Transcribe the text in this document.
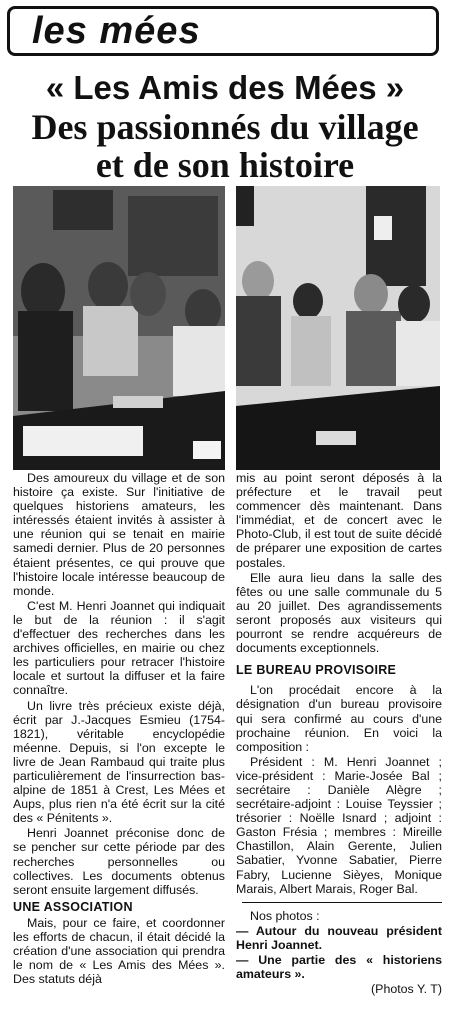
les mées
« Les Amis des Mées »
Des passionnés du village
et de son histoire

Des amoureux du village et de son histoire ça existe. Sur l'initiative de quelques historiens amateurs, les intéressés étaient invités à assister à une réunion qui se tenait en mairie samedi dernier. Plus de 20 personnes étaient présentes, ce qui prouve que l'histoire locale intéresse beaucoup de monde.

C'est M. Henri Joannet qui indiquait le but de la réunion : il s'agit d'effectuer des recherches dans les archives officielles, en mairie ou chez les particuliers pour retracer l'histoire locale et surtout la diffuser et la faire connaître.

Un livre très précieux existe déjà, écrit par J.-Jacques Esmieu (1754-1821), véritable encyclopédie méenne. Depuis, si l'on excepte le livre de Jean Rambaud qui traite plus particulièrement de l'insurrection bas-alpine de 1851 à Crest, Les Mées et Aups, plus rien n'a été écrit sur la cité des « Pénitents ».

Henri Joannet préconise donc de se pencher sur cette période par des recherches personnelles ou collectives. Les documents obtenus seront ensuite largement diffusés.

UNE ASSOCIATION

Mais, pour ce faire, et coordonner les efforts de chacun, il était décidé la création d'une association qui prendra le nom de « Les Amis des Mées ». Des statuts déjà

mis au point seront déposés à la préfecture et le travail peut commencer dès maintenant. Dans l'immédiat, et de concert avec le Photo-Club, il est tout de suite décidé de préparer une exposition de cartes postales.

Elle aura lieu dans la salle des fêtes ou une salle communale du 5 au 20 juillet. Des agrandissements seront proposés aux visiteurs qui pourront se rendre acquéreurs de documents exceptionnels.

LE BUREAU PROVISOIRE

L'on procédait encore à la désignation d'un bureau provisoire qui sera confirmé au cours d'une prochaine réunion. En voici la composition :

Président : M. Henri Joannet ; vice-président : Marie-Josée Bal ; secrétaire : Danièle Alègre ; secrétaire-adjoint : Louise Teyssier ; trésorier : Noëlle Isnard ; adjoint : Gaston Frésia ; membres : Mireille Chastillon, Alain Gerente, Julien Sabatier, Yvonne Sabatier, Pierre Fabry, Lucienne Sièyes, Monique Marais, Albert Marais, Roger Bal.

Nos photos :

— Autour du nouveau président Henri Joannet.

— Une partie des « historiens amateurs ».

(Photos Y. T)
